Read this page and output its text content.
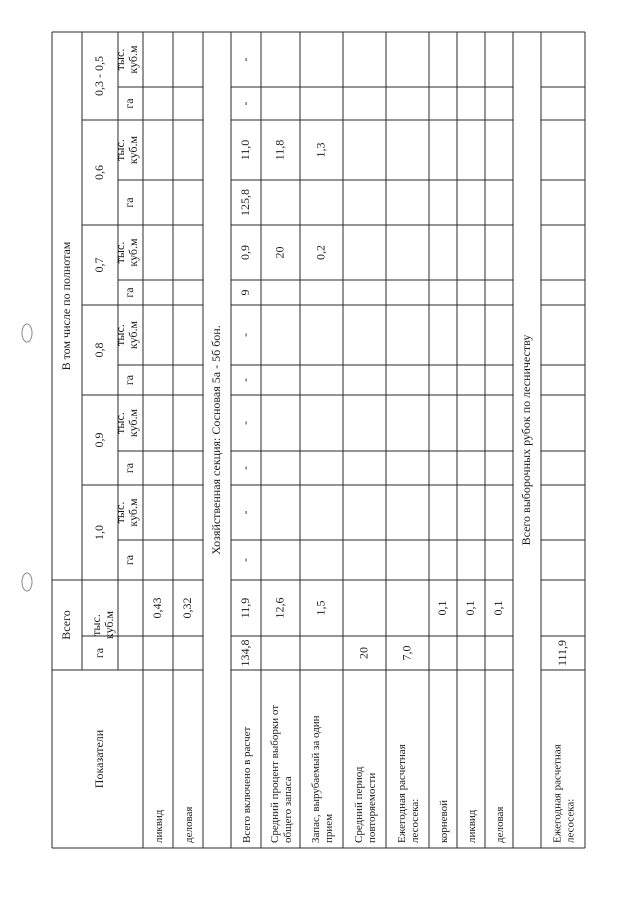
Показатели
Всего
В том числе по полнотам
га
тыс.куб.м
1,0
га
тыс.куб.м
0,9
га
тыс.куб.м
0,8
га
тыс.куб.м
0,7
га
тыс.куб.м
0,6
га
тыс.куб.м
0,3 - 0,5
га
тыс.куб.м
ликвид
0,43
деловая
0,32
Хозяйственная секция: Сосновая 5а - 5б бон.
Всего включено в расчет
134,8
11,9
-
-
-
-
-
-
9
0,9
125,8
11,0
-
-
Средний процент выборки отобщего запаса
12,6
20
11,8
Запас, вырубаемый за одинприем
1,5
0,2
1,3
Средний периодповторяемости
20
Ежегодная расчетнаялесосека:
7,0
корневой
0,1
ликвид
0,1
деловая
0,1
Всего выборочных рубок по лесничеству
Ежегодная расчетнаялесосека:
111,9
